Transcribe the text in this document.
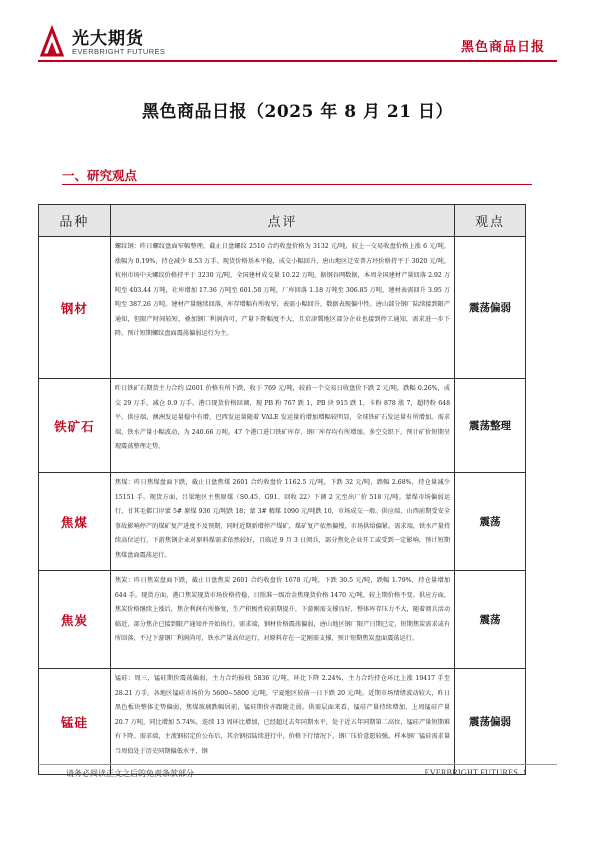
光大期货
EVERBRIGHT FUTURES	黑色商品日报
黑色商品日报（2025 年 8 月 21 日）
一、研究观点
品种	点评	观点
钢材	螺纹钢：昨日螺纹盘面窄幅整理，截止日盘螺纹 2510 合约收盘价格为 3132 元/吨，较上一交易收盘价格上涨 6 元/吨，涨幅为 0.19%，持仓减少 8.53 万手。现货价格基本平稳，成交小幅回升，唐山地区迁安普方坯价格持平于 3020 元/吨，杭州市场中天螺纹价格持平于 3230 元/吨，全国建材成交量 10.22 万吨。据钢谷网数据，本周全国建材产量回落 2.92 万吨至 403.44 万吨，社库增加 17.36 万吨至 601.58 万吨，厂库回落 1.18 万吨至 306.85 万吨，建材表需回升 3.95 万吨至 387.26 万吨。建材产量继续回落，库存增幅有所收窄，表需小幅回升，数据表现偏中性。唐山部分钢厂陆续接到限产通知，但限产时间较短，叠加钢厂利润尚可，产量下降幅度不大，且京津冀地区部分企业也接到停工通知，需求进一步下降。预计短期螺纹盘面震荡偏弱运行为主。	震荡偏弱
铁矿石	昨日铁矿石期货主力合约 i2601 价格有所下跌，收于 769 元/吨，较前一个交易日收盘价下跌 2 元/吨，跌幅 0.26%，成交 29 万手，减仓 0.9 万手。港口现货价格回调，现 PB 粉 767 跌 1，PB 块 915 跌 1，卡粉 878 涨 7，超特粉 648 平。供应端，澳洲发运量稳中有增，巴西发运量随着 VALE 发运量的增加增幅较明显，全球铁矿石发运量有所增加。需求端，铁水产量小幅波动，为 240.66 万吨。47 个港口进口铁矿库存、钢厂库存均有所增加。多空交织下，预计矿价短期呈现震荡整理走势。	震荡整理
焦煤	焦煤：昨日焦煤盘面下跌，截止日盘焦煤 2601 合约收盘价 1162.5 元/吨，下跌 32 元/吨，跌幅 2.68%，持仓量减少 15151 手。现货方面，吕梁地区主焦原煤（S0.45、G91、回收 22）下调 2 元至出厂价 518 元/吨。蒙煤市场偏弱运行，甘其毛都口岸蒙 5# 原煤 936 元/吨跌 18；蒙 3# 精煤 1090 元/吨跌 10，市场成交一般。供应端，山西前期受安全事故影响停产的煤矿复产进度不及预期，同时近期新增停产煤矿，煤矿复产依然偏慢，市场供给偏紧。需求端，铁水产量持续高位运行，下游焦钢企业对原料煤需求依然较好，且临近 9 月 3 日阅兵，部分焦化企业开工或受到一定影响，预计短期焦煤盘面震荡运行。	震荡
焦炭	焦炭：昨日焦炭盘面下跌，截止日盘焦炭 2601 合约收盘价 1678 元/吨，下跌 30.5 元/吨，跌幅 1.79%，持仓量增加 644 手。现货方面，港口焦炭现货市场价格持稳，日照准一级冶金焦现货价格 1470 元/吨，较上期价格不变。供应方面，焦炭价格继续上涨后，焦企利润有所修复，生产积极性较前期提升，下游刚需支撑良好，整体库存压力不大，随着阅兵活动临近，部分焦企已接到限产通知并开始执行。需求端，钢材价格震荡偏弱，唐山地区钢厂限产日期已定，短期焦炭需求或有所回落，不过下游钢厂利润尚可，铁水产量高位运行，对原料存在一定刚需支撑，预计短期焦炭盘面震荡运行。	震荡
锰硅	锰硅：周三，锰硅期价震荡偏弱，主力合约报收 5836 元/吨，环比下降 2.24%，主力合约持仓环比上涨 19417 手至 28.21 万手。各地区锰硅市场价为 5600~5800 元/吨，宁夏地区较前一日下跌 20 元/吨。近期市场情绪波动较大，昨日黑色板块整体走势偏弱，焦煤玻璃跌幅居前，锰硅期价亦跟随走弱。供需层面来看，锰硅产量持续增加，上周锰硅产量 20.7 万吨，同比增加 5.74%，连续 13 周环比增加，已经超过去年同期水平，处于近五年同期第二高位，锰硅产量短期难有下降。需求端，主流钢招定价公布后，其余钢招陆续进行中，价格下行情况下，钢厂压价意愿较强。样本钢厂锰硅需求量当周值处于历史同期偏低水平，钢	震荡偏弱
请务必阅读正文之后的免责条款部分	EVERBRIGHT FUTURES 1
